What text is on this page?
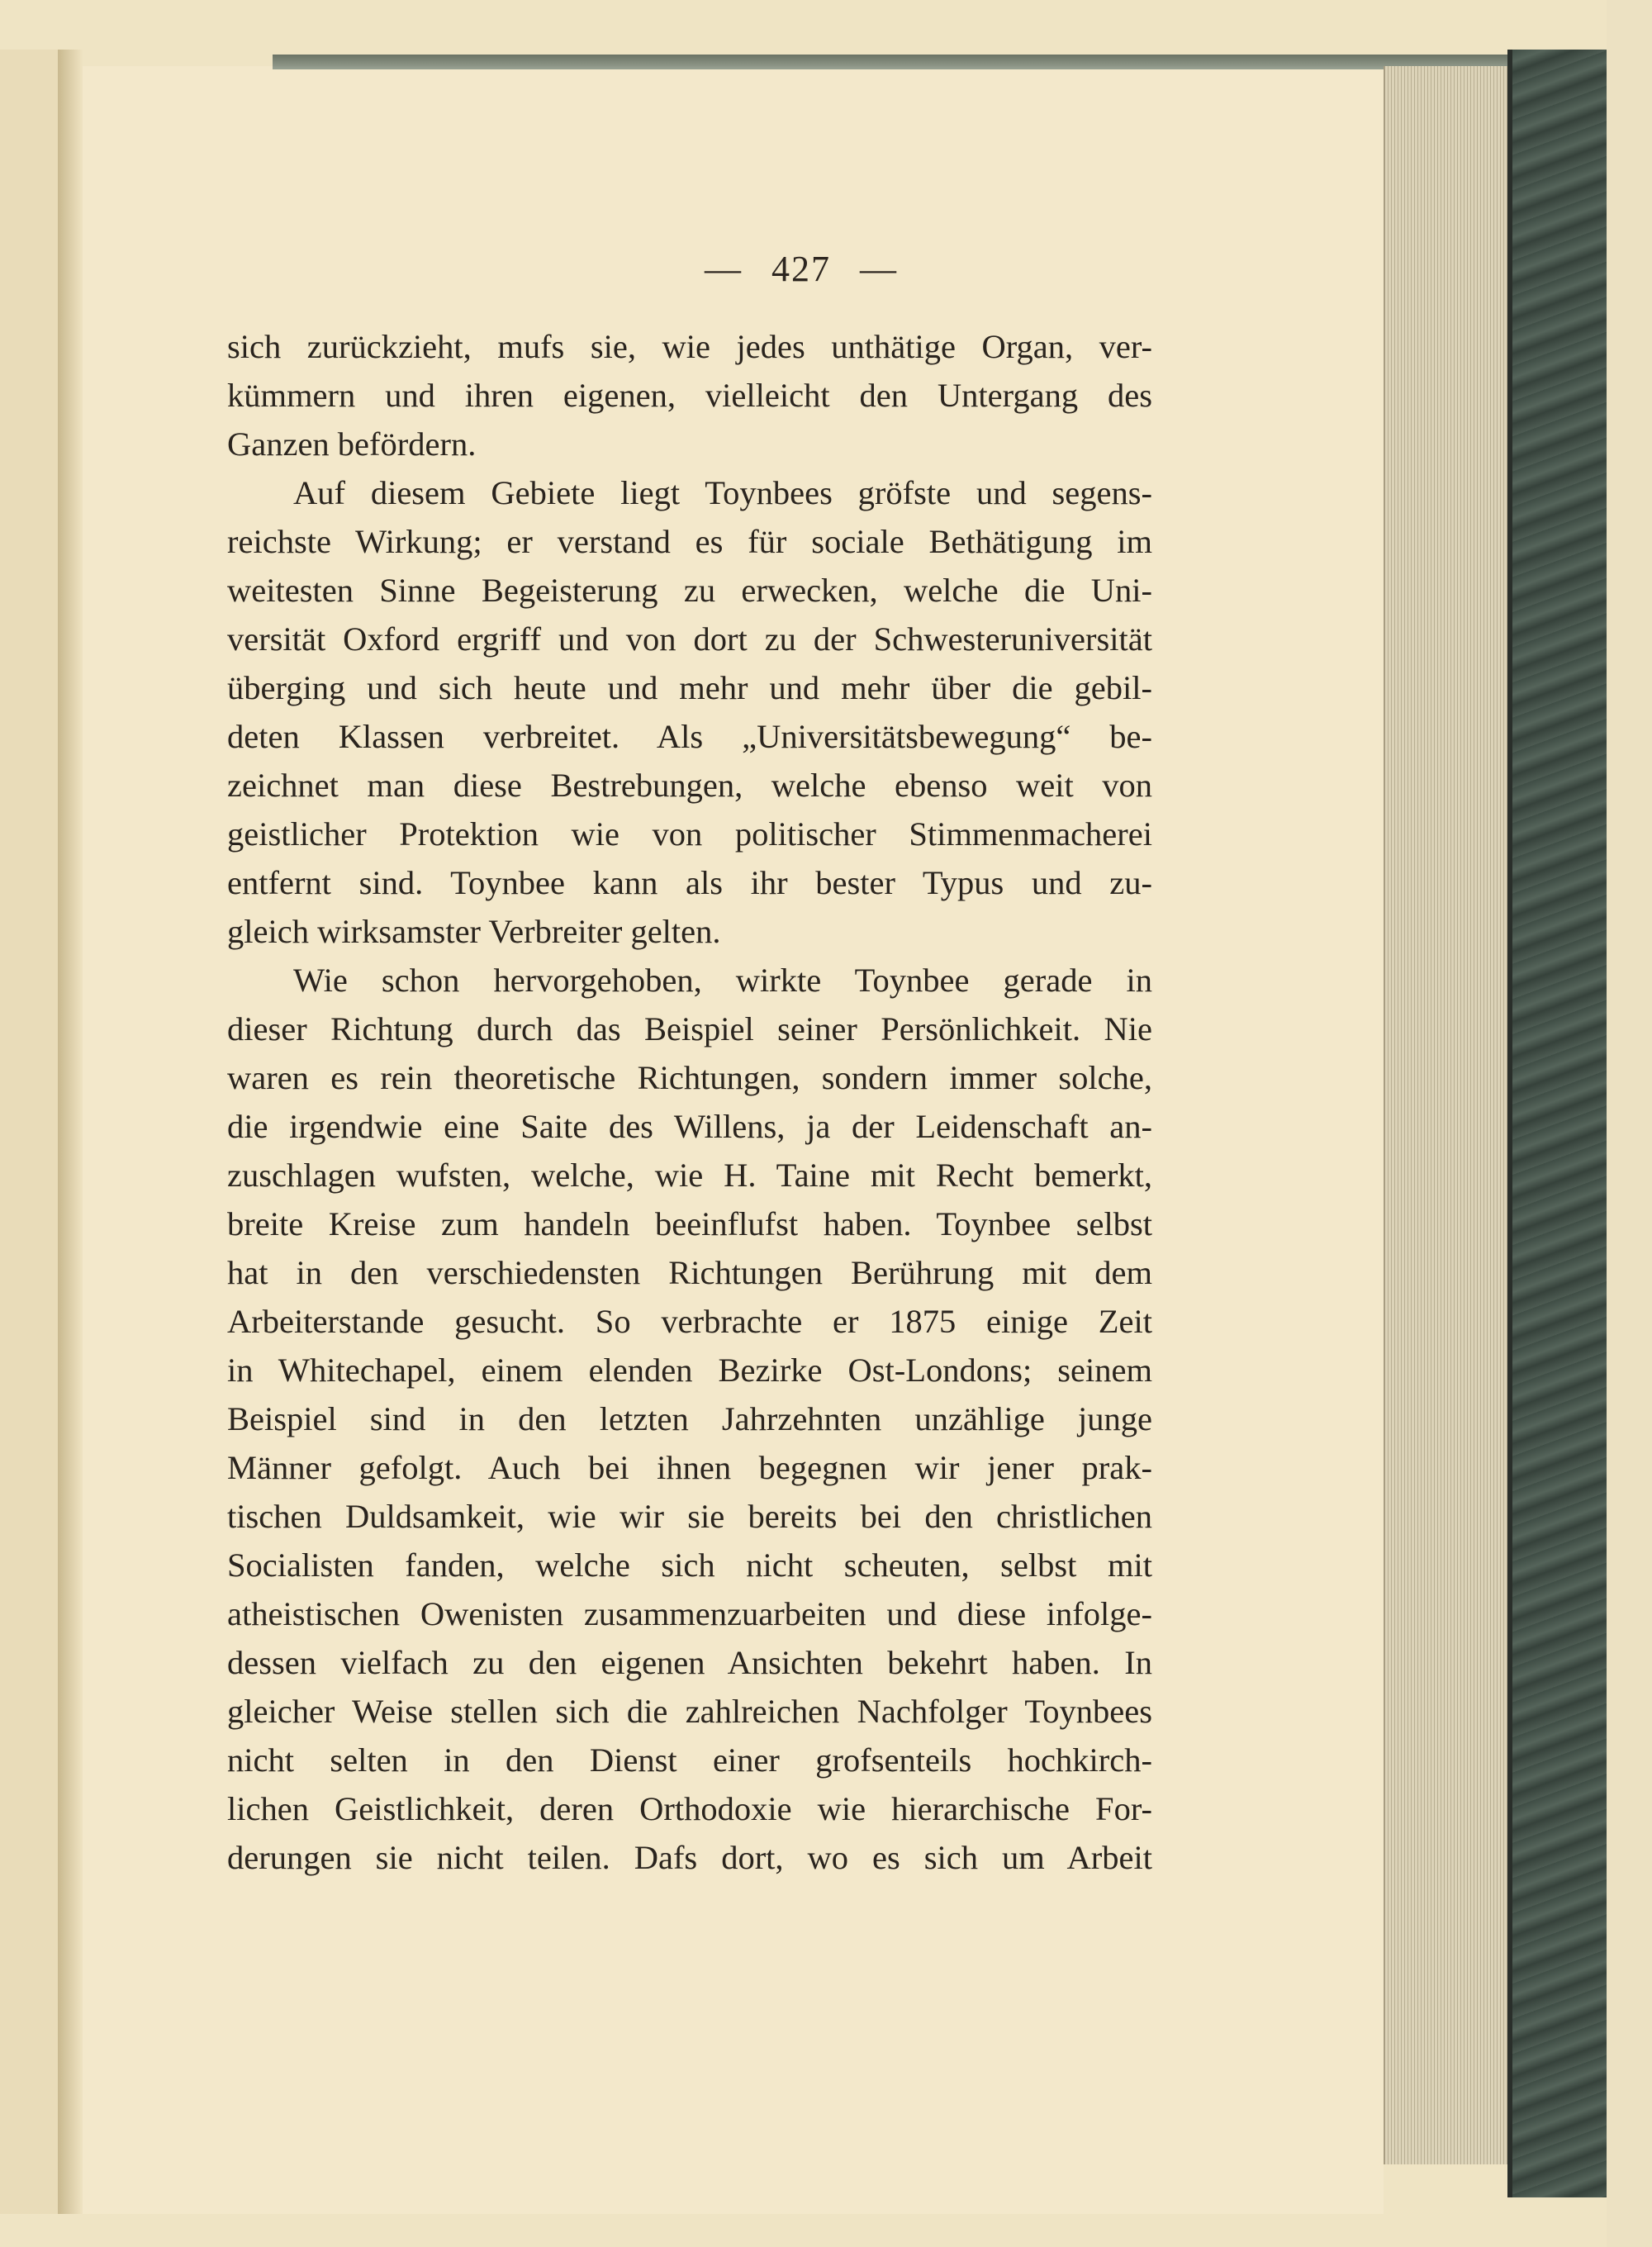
— 427 —
sich zurückzieht, mufs sie, wie jedes unthätige Organ, ver-
kümmern und ihren eigenen, vielleicht den Untergang des
Ganzen befördern.
Auf diesem Gebiete liegt Toynbees gröfste und segens-
reichste Wirkung; er verstand es für sociale Bethätigung im
weitesten Sinne Begeisterung zu erwecken, welche die Uni-
versität Oxford ergriff und von dort zu der Schwesteruniversität
überging und sich heute und mehr und mehr über die gebil-
deten Klassen verbreitet. Als „Universitätsbewegung“ be-
zeichnet man diese Bestrebungen, welche ebenso weit von
geistlicher Protektion wie von politischer Stimmenmacherei
entfernt sind. Toynbee kann als ihr bester Typus und zu-
gleich wirksamster Verbreiter gelten.
Wie schon hervorgehoben, wirkte Toynbee gerade in
dieser Richtung durch das Beispiel seiner Persönlichkeit. Nie
waren es rein theoretische Richtungen, sondern immer solche,
die irgendwie eine Saite des Willens, ja der Leidenschaft an-
zuschlagen wufsten, welche, wie H. Taine mit Recht bemerkt,
breite Kreise zum handeln beeinflufst haben. Toynbee selbst
hat in den verschiedensten Richtungen Berührung mit dem
Arbeiterstande gesucht. So verbrachte er 1875 einige Zeit
in Whitechapel, einem elenden Bezirke Ost-Londons; seinem
Beispiel sind in den letzten Jahrzehnten unzählige junge
Männer gefolgt. Auch bei ihnen begegnen wir jener prak-
tischen Duldsamkeit, wie wir sie bereits bei den christlichen
Socialisten fanden, welche sich nicht scheuten, selbst mit
atheistischen Owenisten zusammenzuarbeiten und diese infolge-
dessen vielfach zu den eigenen Ansichten bekehrt haben. In
gleicher Weise stellen sich die zahlreichen Nachfolger Toynbees
nicht selten in den Dienst einer grofsenteils hochkirch-
lichen Geistlichkeit, deren Orthodoxie wie hierarchische For-
derungen sie nicht teilen. Dafs dort, wo es sich um Arbeit
